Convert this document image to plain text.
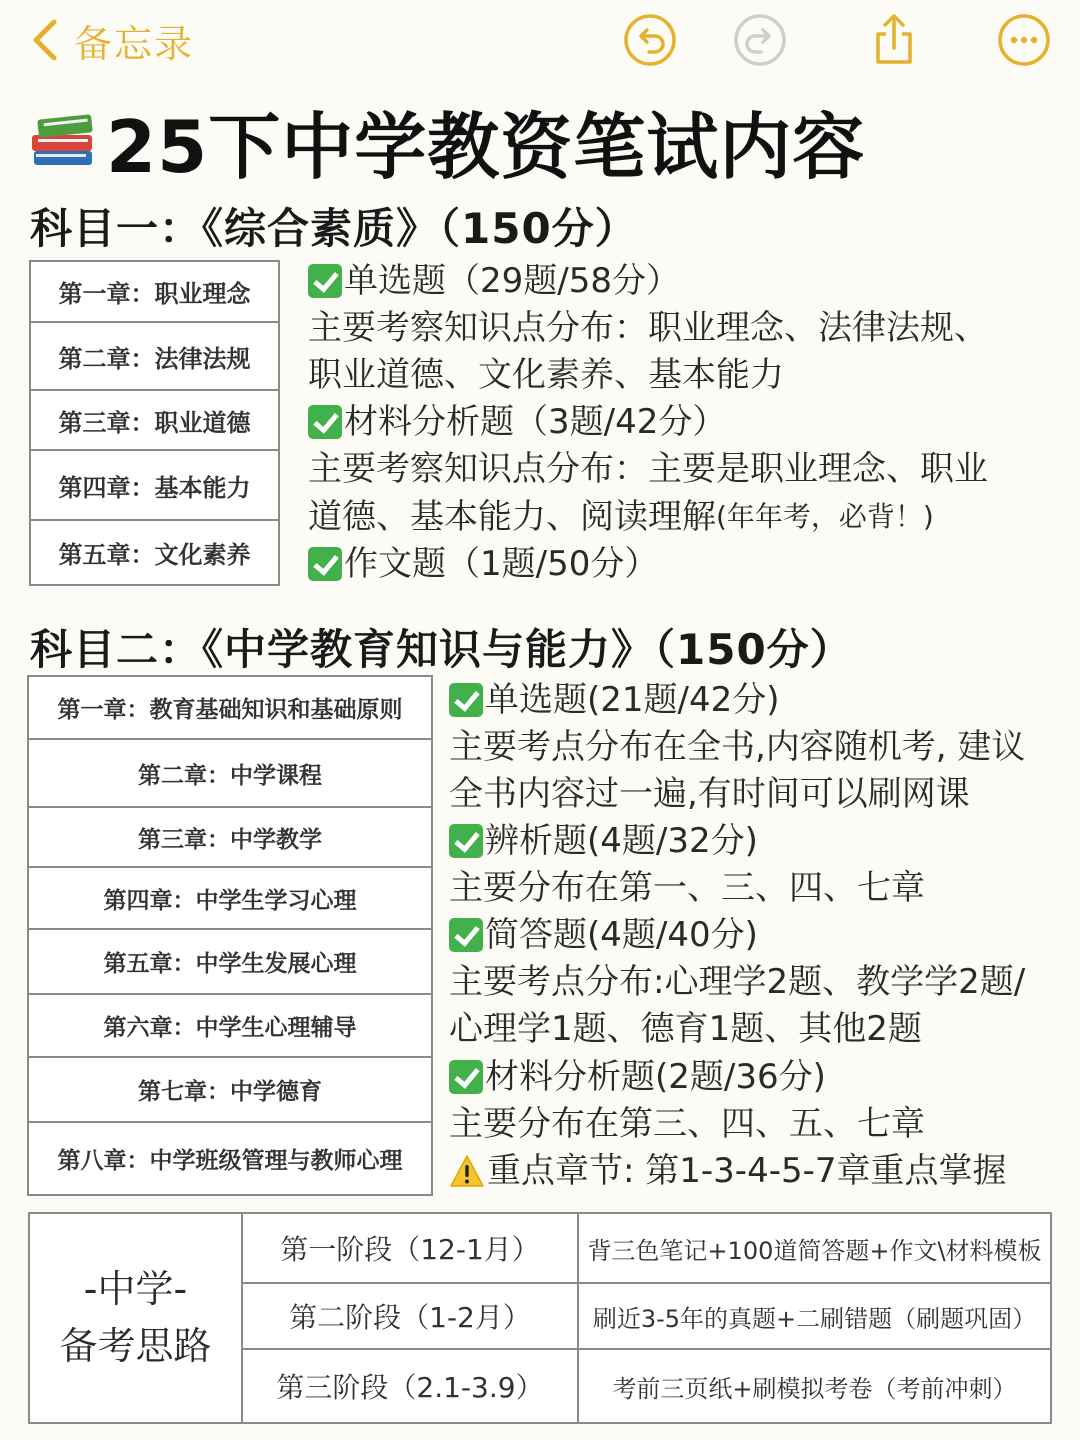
备忘录
25下中学教资笔试内容
科目一：《综合素质》（150分）
第一章：职业理念
第二章：法律法规
第三章：职业道德
第四章：基本能力
第五章：文化素养
单选题（29题/58分）
主要考察知识点分布：职业理念、法律法规、
职业道德、文化素养、基本能力
材料分析题（3题/42分）
主要考察知识点分布：主要是职业理念、职业
道德、基本能力、阅读理解 (年年考，必背！)
作文题（1题/50分）
科目二：《中学教育知识与能力》（150分）
第一章：教育基础知识和基础原则
第二章：中学课程
第三章：中学教学
第四章：中学生学习心理
第五章：中学生发展心理
第六章：中学生心理辅导
第七章：中学德育
第八章：中学班级管理与教师心理
单选题(21题/42分)
主要考点分布在全书,内容随机考, 建议
全书内容过一遍,有时间可以刷网课
辨析题(4题/32分)
主要分布在第一、三、四、七章
简答题(4题/40分)
主要考点分布:心理学2题、教学学2题/
心理学1题、德育1题、其他2题
材料分析题(2题/36分)
主要分布在第三、四、五、七章
重点章节: 第1-3-4-5-7章重点掌握
-中学-
备考思路	第一阶段（12-1月）	背三色笔记+100道简答题+作文\材料模板
	第二阶段（1-2月）	刷近3-5年的真题+二刷错题（刷题巩固）
	第三阶段（2.1-3.9）	考前三页纸+刷模拟考卷（考前冲刺）
